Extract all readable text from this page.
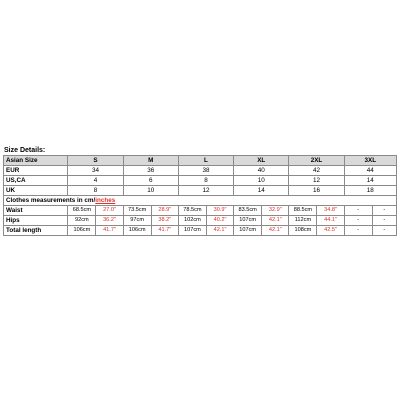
Size Details:
Asian Size	S		M		L		XL		2XL		3XL	
EUR	34		36		38		40		42		44	
US,CA	4		6		8		10		12		14	
UK	8		10		12		14		16		18	
Clothes measurements in cm/inches												
Waist	68.5cm	27.0"	73.5cm	28.9"	78.5cm	30.9"	83.5cm	32.9"	88.5cm	34.8"	-	-
Hips	92cm	36.2"	97cm	38.2"	102cm	40.2"	107cm	42.1"	112cm	44.1"	-	-
Total length	106cm	41.7"	106cm	41.7"	107cm	42.1"	107cm	42.1"	108cm	42.5"	-	-
